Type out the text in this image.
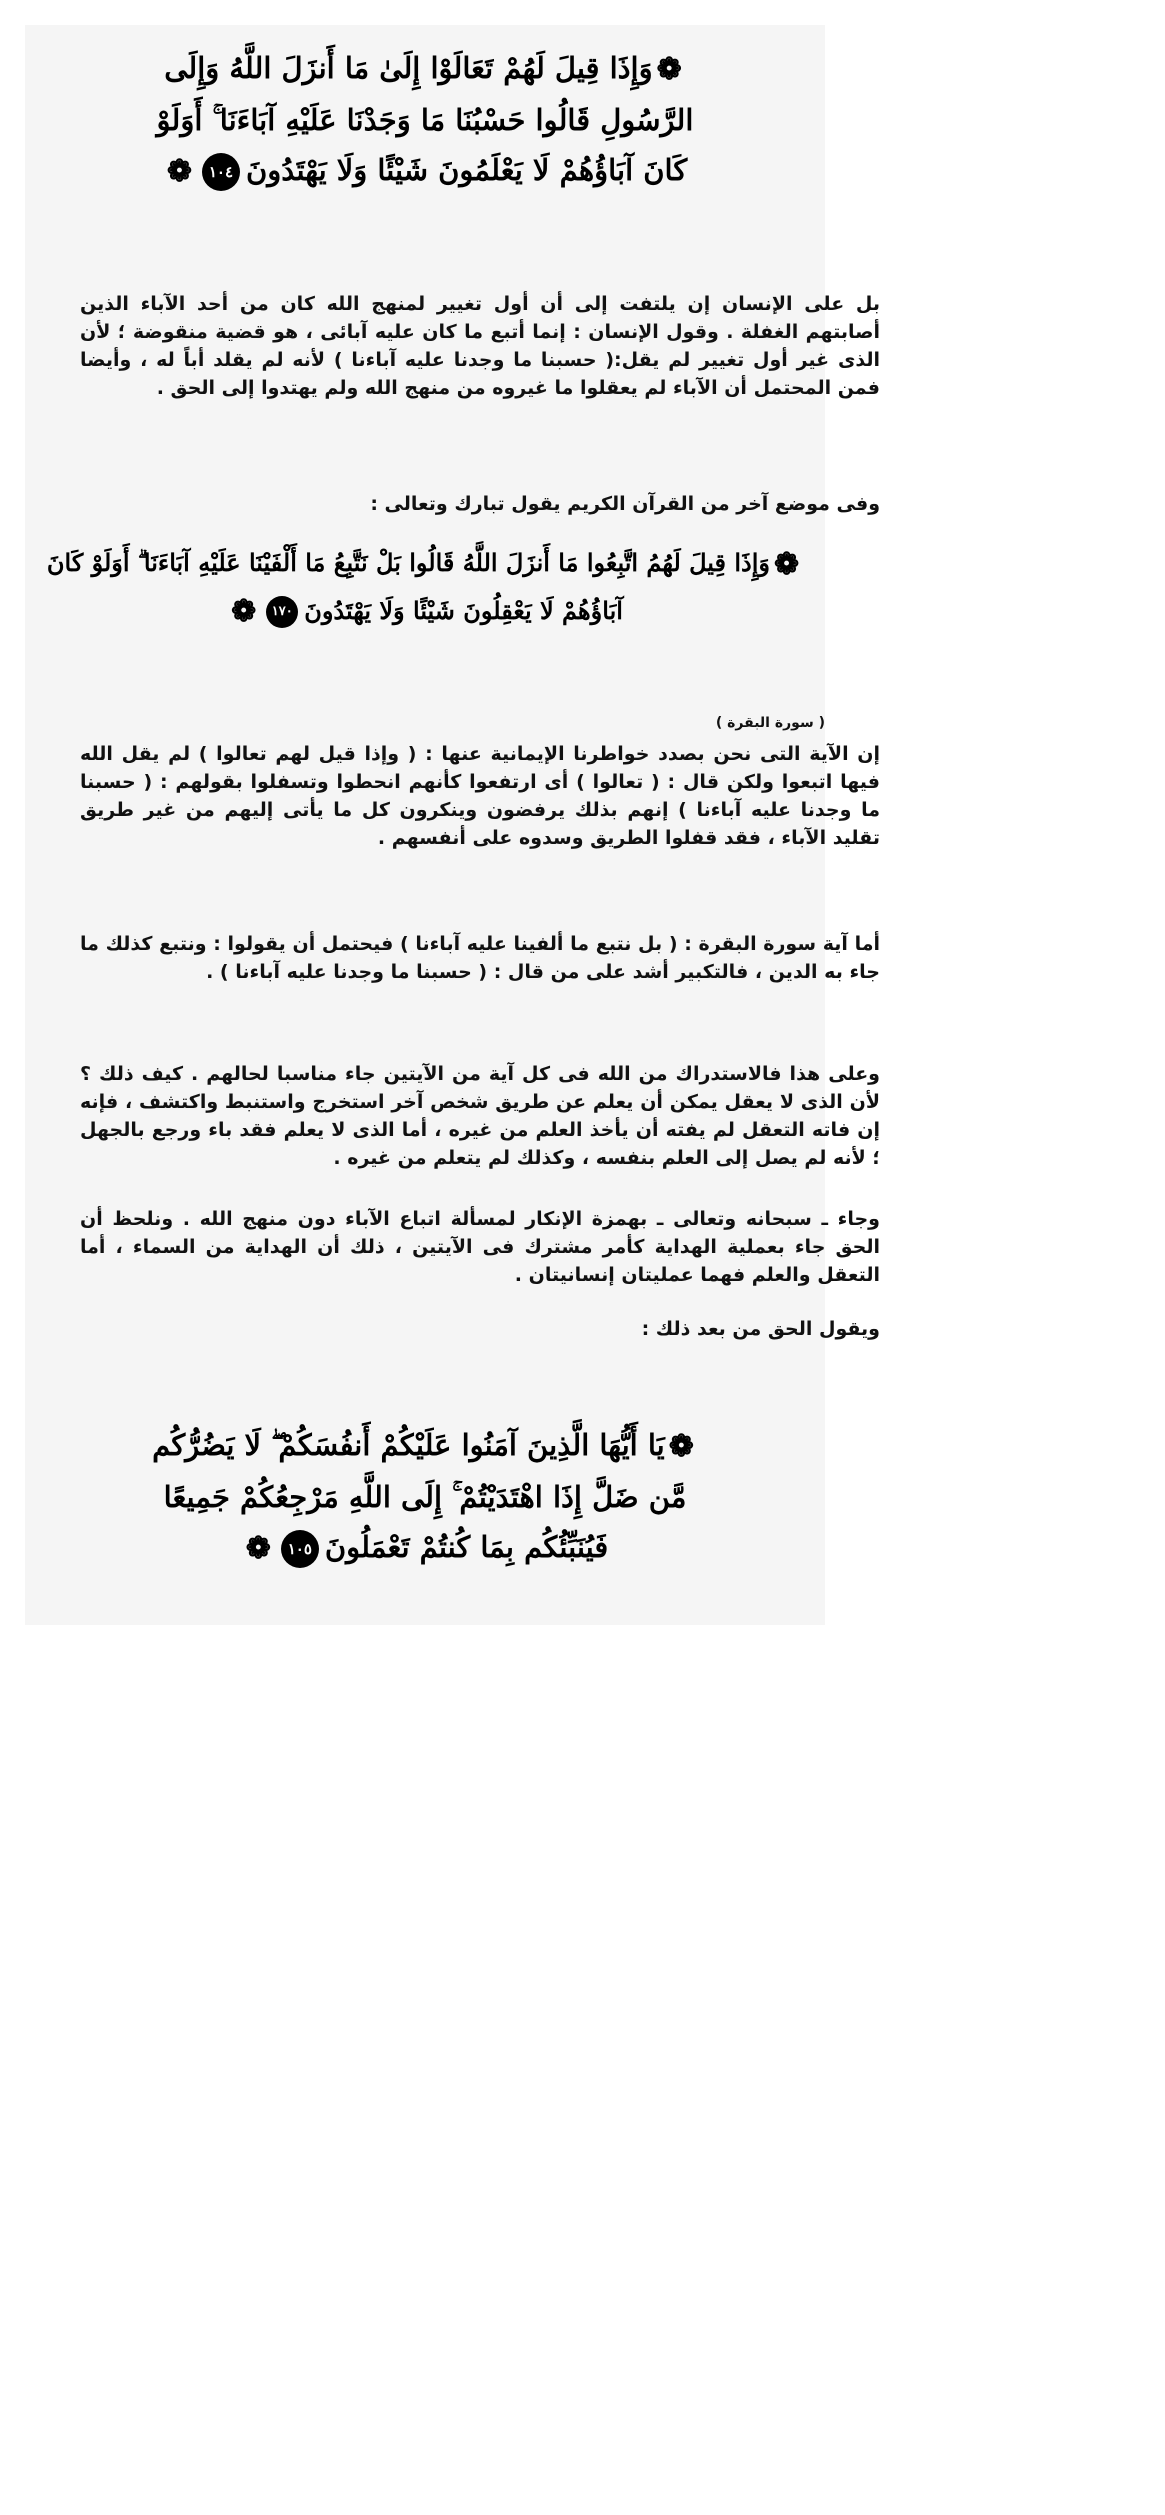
❁وَإِذَا قِيلَ لَهُمْ تَعَالَوْا إِلَىٰ مَا أَنزَلَ اللَّهُ وَإِلَى
الرَّسُولِ قَالُوا حَسْبُنَا مَا وَجَدْنَا عَلَيْهِ آبَاءَنَا ۚ أَوَلَوْ
كَانَ آبَاؤُهُمْ لَا يَعْلَمُونَ شَيْئًا وَلَا يَهْتَدُونَ١٠٤❁
بل على الإنسان إن يلتفت إلى أن أول تغيير لمنهج الله كان من أحد الآباء الذين أصابتهم الغفلة . وقول الإنسان : إنما أتبع ما كان عليه آبائى ، هو قضية منقوضة ؛ لأن الذى غير أول تغيير لم يقل:( حسبنا ما وجدنا عليه آباءنا ) لأنه لم يقلد أباً له ، وأيضا فمن المحتمل أن الآباء لم يعقلوا ما غيروه من منهج الله ولم يهتدوا إلى الحق .
وفى موضع آخر من القرآن الكريم يقول تبارك وتعالى :
❁وَإِذَا قِيلَ لَهُمُ اتَّبِعُوا مَا أَنزَلَ اللَّهُ قَالُوا بَلْ نَتَّبِعُ مَا أَلْفَيْنَا عَلَيْهِ آبَاءَنَا ۗ أَوَلَوْ كَانَ
آبَاؤُهُمْ لَا يَعْقِلُونَ شَيْئًا وَلَا يَهْتَدُونَ١٧٠❁
( سورة البقرة )
إن الآية التى نحن بصدد خواطرنا الإيمانية عنها : ( وإذا قيل لهم تعالوا ) لم يقل الله فيها اتبعوا ولكن قال : ( تعالوا ) أى ارتفعوا كأنهم انحطوا وتسفلوا بقولهم : ( حسبنا ما وجدنا عليه آباءنا ) إنهم بذلك يرفضون وينكرون كل ما يأتى إليهم من غير طريق تقليد الآباء ، فقد قفلوا الطريق وسدوه على أنفسهم .
أما آية سورة البقرة : ( بل نتبع ما ألفينا عليه آباءنا ) فيحتمل أن يقولوا : ونتبع كذلك ما جاء به الدين ، فالتكبير أشد على من قال : ( حسبنا ما وجدنا عليه آباءنا ) .
وعلى هذا فالاستدراك من الله فى كل آية من الآيتين جاء مناسبا لحالهم . كيف ذلك ؟ لأن الذى لا يعقل يمكن أن يعلم عن طريق شخص آخر استخرج واستنبط واكتشف ، فإنه إن فاته التعقل لم يفته أن يأخذ العلم من غيره ، أما الذى لا يعلم فقد باء ورجع بالجهل ؛ لأنه لم يصل إلى العلم بنفسه ، وكذلك لم يتعلم من غيره .
وجاء ـ سبحانه وتعالى ـ بهمزة الإنكار لمسألة اتباع الآباء دون منهج الله . ونلحظ أن الحق جاء بعملية الهداية كأمر مشترك فى الآيتين ، ذلك أن الهداية من السماء ، أما التعقل والعلم فهما عمليتان إنسانيتان .
ويقول الحق من بعد ذلك :
❁يَا أَيُّهَا الَّذِينَ آمَنُوا عَلَيْكُمْ أَنفُسَكُمْ ۖ لَا يَضُرُّكُم
مَّن ضَلَّ إِذَا اهْتَدَيْتُمْ ۚ إِلَى اللَّهِ مَرْجِعُكُمْ جَمِيعًا
فَيُنَبِّئُكُم بِمَا كُنتُمْ تَعْمَلُونَ١٠٥❁
